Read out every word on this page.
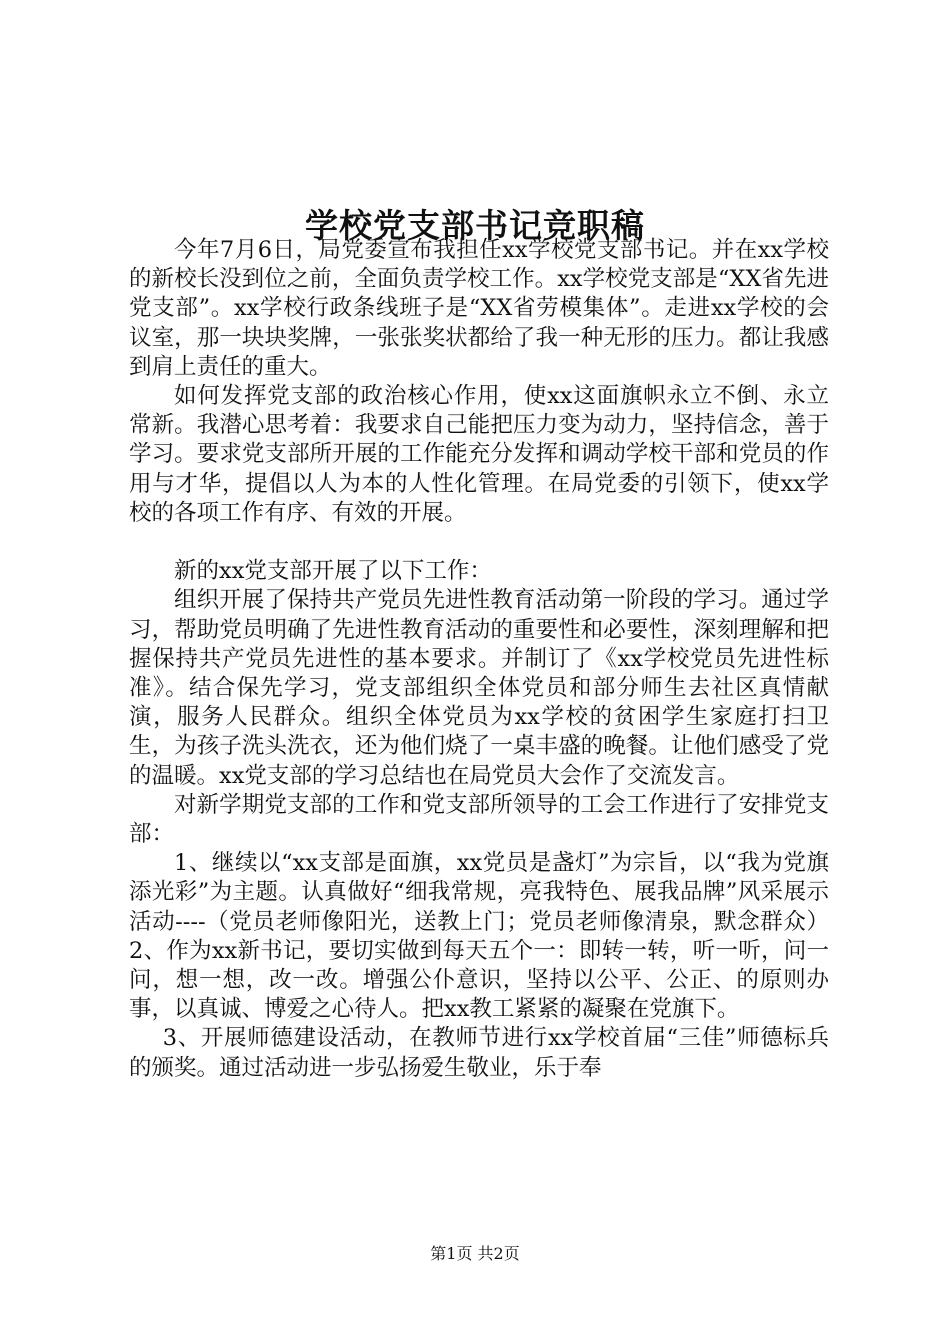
学校党支部书记竞职稿

今年7月6日，局党委宣布我担任xx学校党支部书记。并在xx学校的新校长没到位之前，全面负责学校工作。xx学校党支部是“XX省先进党支部”。xx学校行政条线班子是“XX省劳模集体”。走进xx学校的会议室，那一块块奖牌，一张张奖状都给了我一种无形的压力。都让我感到肩上责任的重大。

如何发挥党支部的政治核心作用，使xx这面旗帜永立不倒、永立常新。我潜心思考着：我要求自己能把压力变为动力，坚持信念，善于学习。要求党支部所开展的工作能充分发挥和调动学校干部和党员的作用与才华，提倡以人为本的人性化管理。在局党委的引领下，使xx学校的各项工作有序、有效的开展。

新的xx党支部开展了以下工作：

组织开展了保持共产党员先进性教育活动第一阶段的学习。通过学习，帮助党员明确了先进性教育活动的重要性和必要性，深刻理解和把握保持共产党员先进性的基本要求。并制订了《xx学校党员先进性标准》。结合保先学习，党支部组织全体党员和部分师生去社区真情献演，服务人民群众。组织全体党员为xx学校的贫困学生家庭打扫卫生，为孩子洗头洗衣，还为他们烧了一桌丰盛的晚餐。让他们感受了党的温暖。xx党支部的学习总结也在局党员大会作了交流发言。

对新学期党支部的工作和党支部所领导的工会工作进行了安排党支部：

1、继续以“xx支部是面旗，xx党员是盏灯”为宗旨，以“我为党旗添光彩”为主题。认真做好“细我常规，亮我特色、展我品牌”风采展示活动----（党员老师像阳光，送教上门；党员老师像清泉，默念群众）2、作为xx新书记，要切实做到每天五个一：即转一转，听一听，问一问，想一想，改一改。增强公仆意识，坚持以公平、公正、的原则办事，以真诚、博爱之心待人。把xx教工紧紧的凝聚在党旗下。

3、开展师德建设活动，在教师节进行xx学校首届“三佳”师德标兵的颁奖。通过活动进一步弘扬爱生敬业，乐于奉

第1页 共2页
